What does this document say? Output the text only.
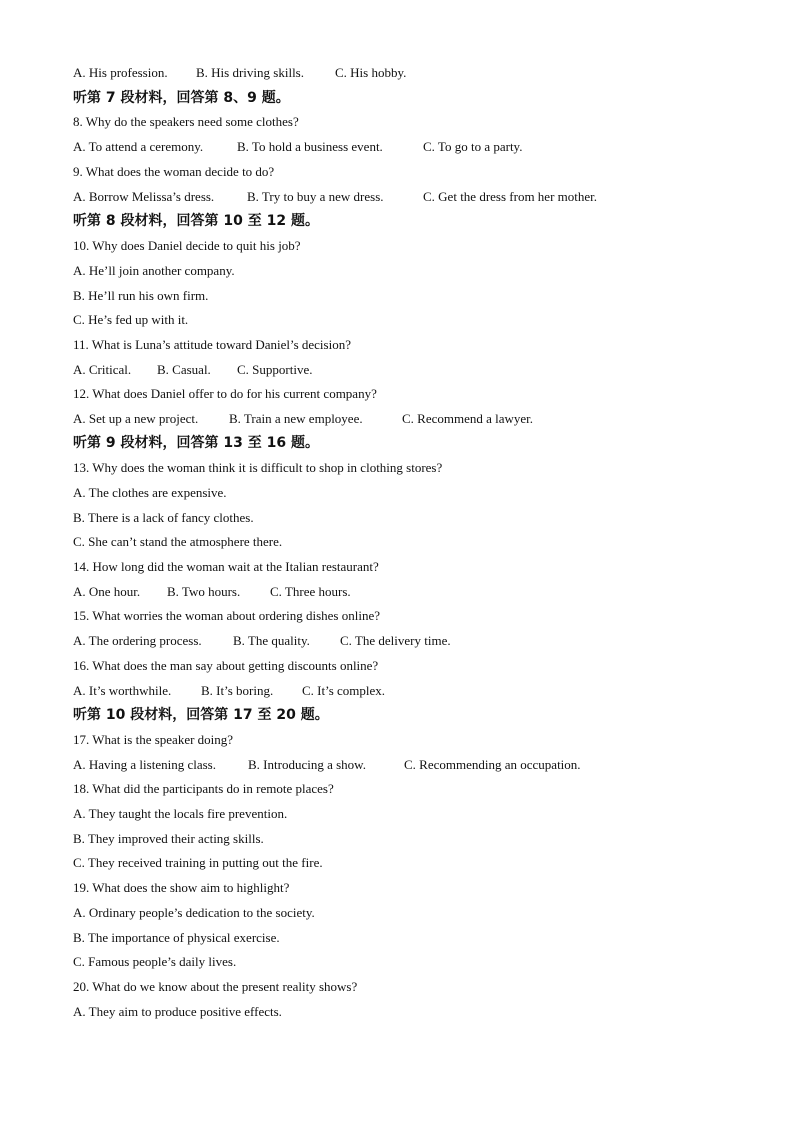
A. His profession. B. His driving skills. C. His hobby.
听第 7 段材料，回答第 8、9 题。
8. Why do the speakers need some clothes?
A. To attend a ceremony.	B. To hold a business event.	C. To go to a party.
9. What does the woman decide to do?
A. Borrow Melissa’s dress.	B. Try to buy a new dress.	C. Get the dress from her mother.
听第 8 段材料，回答第 10 至 12 题。
10. Why does Daniel decide to quit his job?
A. He’ll join another company.
B. He’ll run his own firm.
C. He’s fed up with it.
11. What is Luna’s attitude toward Daniel’s decision?
A. Critical. B. Casual. C. Supportive.
12. What does Daniel offer to do for his current company?
A. Set up a new project. B. Train a new employee.	C. Recommend a lawyer.
听第 9 段材料，回答第 13 至 16 题。
13. Why does the woman think it is difficult to shop in clothing stores?
A. The clothes are expensive.
B. There is a lack of fancy clothes.
C. She can’t stand the atmosphere there.
14. How long did the woman wait at the Italian restaurant?
A. One hour. B. Two hours. C. Three hours.
15. What worries the woman about ordering dishes online?
A. The ordering process. B. The quality. C. The delivery time.
16. What does the man say about getting discounts online?
A. It’s worthwhile. B. It’s boring. C. It’s complex.
听第 10 段材料，回答第 17 至 20 题。
17. What is the speaker doing?
A. Having a listening class. B. Introducing a show.	C. Recommending an occupation.
18. What did the participants do in remote places?
A. They taught the locals fire prevention.
B. They improved their acting skills.
C. They received training in putting out the fire.
19. What does the show aim to highlight?
A. Ordinary people’s dedication to the society.
B. The importance of physical exercise.
C. Famous people’s daily lives.
20. What do we know about the present reality shows?
A. They aim to produce positive effects.
